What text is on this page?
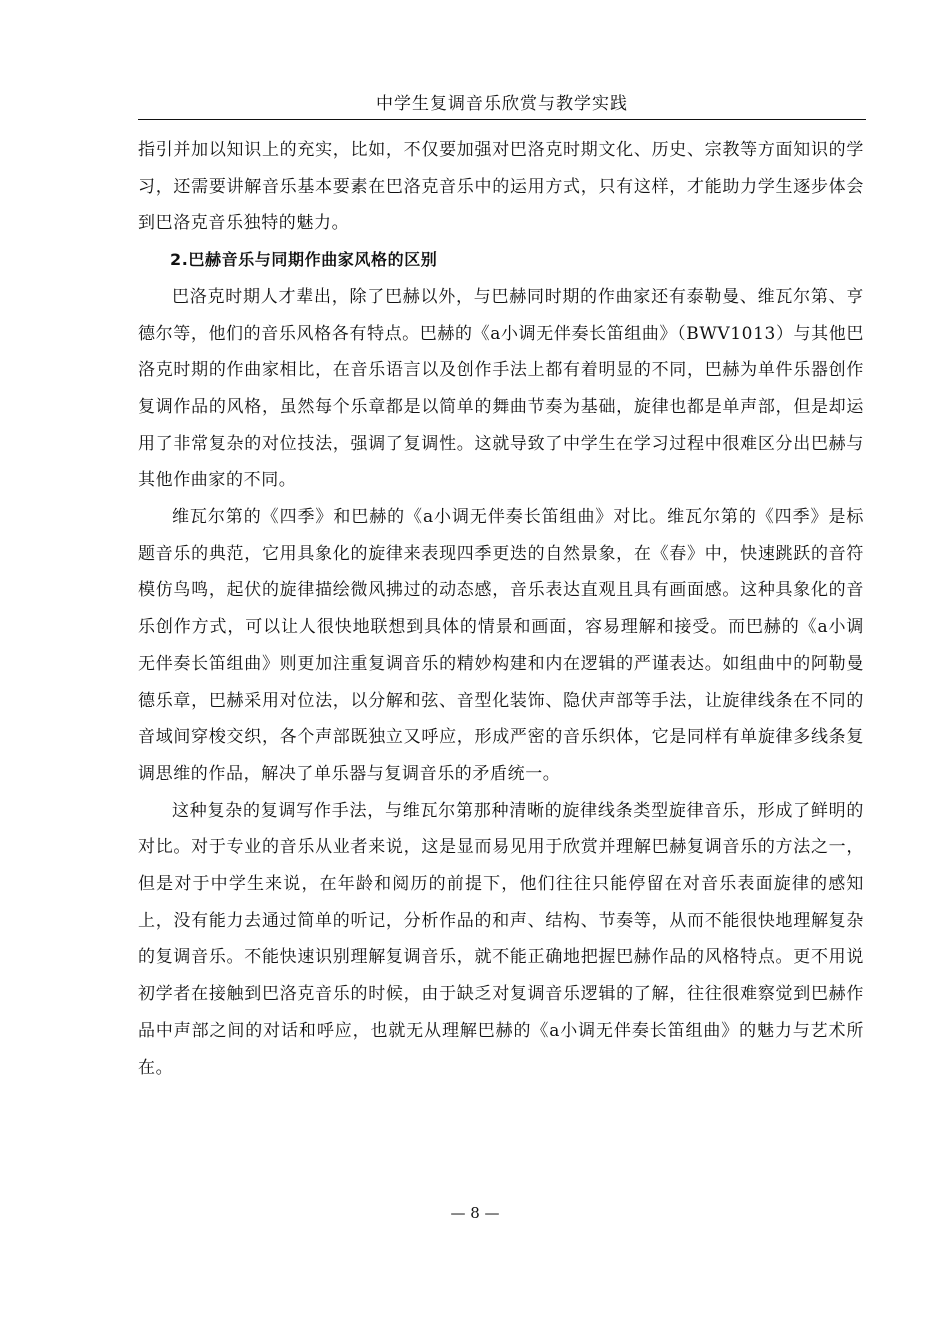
中学生复调音乐欣赏与教学实践

指引并加以知识上的充实，比如，不仅要加强对巴洛克时期文化、历史、宗教等方面知识的学习，还需要讲解音乐基本要素在巴洛克音乐中的运用方式，只有这样，才能助力学生逐步体会到巴洛克音乐独特的魅力。

2.巴赫音乐与同期作曲家风格的区别

巴洛克时期人才辈出，除了巴赫以外，与巴赫同时期的作曲家还有泰勒曼、维瓦尔第、亨德尔等，他们的音乐风格各有特点。巴赫的《a小调无伴奏长笛组曲》（BWV1013）与其他巴洛克时期的作曲家相比，在音乐语言以及创作手法上都有着明显的不同，巴赫为单件乐器创作复调作品的风格，虽然每个乐章都是以简单的舞曲节奏为基础，旋律也都是单声部，但是却运用了非常复杂的对位技法，强调了复调性。这就导致了中学生在学习过程中很难区分出巴赫与其他作曲家的不同。

维瓦尔第的《四季》和巴赫的《a小调无伴奏长笛组曲》对比。维瓦尔第的《四季》是标题音乐的典范，它用具象化的旋律来表现四季更迭的自然景象，在《春》中，快速跳跃的音符模仿鸟鸣，起伏的旋律描绘微风拂过的动态感，音乐表达直观且具有画面感。这种具象化的音乐创作方式，可以让人很快地联想到具体的情景和画面，容易理解和接受。而巴赫的《a小调无伴奏长笛组曲》则更加注重复调音乐的精妙构建和内在逻辑的严谨表达。如组曲中的阿勒曼德乐章，巴赫采用对位法，以分解和弦、音型化装饰、隐伏声部等手法，让旋律线条在不同的音域间穿梭交织，各个声部既独立又呼应，形成严密的音乐织体，它是同样有单旋律多线条复调思维的作品，解决了单乐器与复调音乐的矛盾统一。

这种复杂的复调写作手法，与维瓦尔第那种清晰的旋律线条类型旋律音乐，形成了鲜明的对比。对于专业的音乐从业者来说，这是显而易见用于欣赏并理解巴赫复调音乐的方法之一，但是对于中学生来说，在年龄和阅历的前提下，他们往往只能停留在对音乐表面旋律的感知上，没有能力去通过简单的听记，分析作品的和声、结构、节奏等，从而不能很快地理解复杂的复调音乐。不能快速识别理解复调音乐，就不能正确地把握巴赫作品的风格特点。更不用说初学者在接触到巴洛克音乐的时候，由于缺乏对复调音乐逻辑的了解，往往很难察觉到巴赫作品中声部之间的对话和呼应，也就无从理解巴赫的《a小调无伴奏长笛组曲》的魅力与艺术所在。

— 8 —
